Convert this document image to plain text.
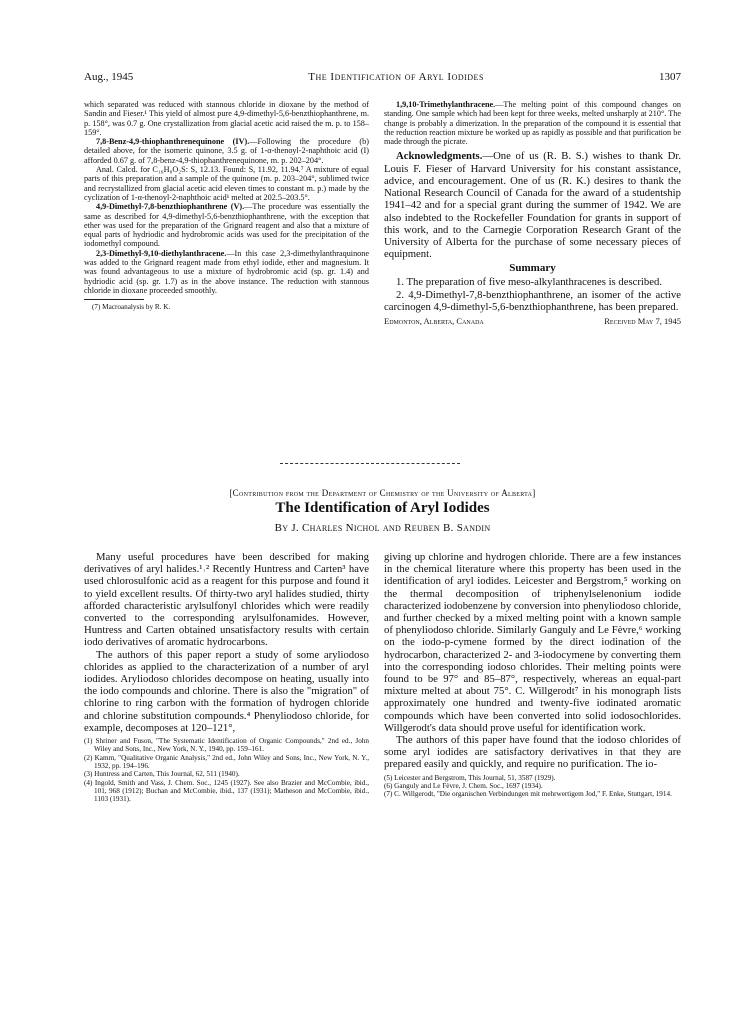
Aug., 1945	The Identification of Aryl Iodides	1307

which separated was reduced with stannous chloride in dioxane by the method of Sandin and Fieser.¹ This yield of almost pure 4,9-dimethyl-5,6-benzthiophanthrene, m. p. 158°, was 0.7 g. One crystallization from glacial acetic acid raised the m. p. to 158–159°.

7,8-Benz-4,9-thiophanthrenequinone (IV).—Following the procedure (b) detailed above, for the isomeric quinone, 3.5 g. of 1-α-thenoyl-2-naphthoic acid (I) afforded 0.67 g. of 7,8-benz-4,9-thiophanthrenequinone, m. p. 202–204°.

Anal. Calcd. for C₁₆H₈O₂S: S, 12.13. Found: S, 11.92, 11.94.⁷ A mixture of equal parts of this preparation and a sample of the quinone (m. p. 203–204°, sublimed twice and recrystallized from glacial acetic acid eleven times to constant m. p.) made by the cyclization of 1-α-thenoyl-2-naphthoic acid¹ melted at 202.5–203.5°.

4,9-Dimethyl-7,8-benzthiophanthrene (V).—The procedure was essentially the same as described for 4,9-dimethyl-5,6-benzthiophanthrene, with the exception that ether was used for the preparation of the Grignard reagent and also that a mixture of equal parts of hydriodic and hydrobromic acids was used for the precipitation of the iodomethyl compound.

2,3-Dimethyl-9,10-diethylanthracene.—In this case 2,3-dimethylanthraquinone was added to the Grignard reagent made from ethyl iodide, ether and magnesium. It was found advantageous to use a mixture of hydrobromic acid (sp. gr. 1.4) and hydriodic acid (sp. gr. 1.7) as in the above instance. The reduction with stannous chloride in dioxane proceeded smoothly.

(7) Macroanalysis by R. K.

1,9,10-Trimethylanthracene.—The melting point of this compound changes on standing. One sample which had been kept for three weeks, melted unsharply at 210°. The change is probably a dimerization. In the preparation of the compound it is essential that the reduction reaction mixture be worked up as rapidly as possible and that purification be made through the picrate.

Acknowledgments.—One of us (R. B. S.) wishes to thank Dr. Louis F. Fieser of Harvard University for his constant assistance, advice, and encouragement. One of us (R. K.) desires to thank the National Research Council of Canada for the award of a studentship 1941–42 and for a special grant during the summer of 1942. We are also indebted to the Rockefeller Foundation for grants in support of this work, and to the Carnegie Corporation Research Grant of the University of Alberta for the purchase of some necessary pieces of equipment.

Summary

1. The preparation of five meso-alkylanthracenes is described.

2. 4,9-Dimethyl-7,8-benzthiophanthrene, an isomer of the active carcinogen 4,9-dimethyl-5,6-benzthiophanthrene, has been prepared.

Edmonton, Alberta, Canada	Received May 7, 1945
[Contribution from the Department of Chemistry of the University of Alberta]
The Identification of Aryl Iodides
By J. Charles Nichol and Reuben B. Sandin

Many useful procedures have been described for making derivatives of aryl halides.¹˒² Recently Huntress and Carten³ have used chlorosulfonic acid as a reagent for this purpose and found it to yield excellent results. Of thirty-two aryl halides studied, thirty afforded characteristic arylsulfonyl chlorides which were readily converted to the corresponding arylsulfonamides. However, Huntress and Carten obtained unsatisfactory results with certain iodo derivatives of aromatic hydrocarbons.

The authors of this paper report a study of some aryliodoso chlorides as applied to the characterization of a number of aryl iodides. Aryliodoso chlorides decompose on heating, usually into the iodo compounds and chlorine. There is also the "migration" of chlorine to ring carbon with the formation of hydrogen chloride and chlorine substitution compounds.⁴ Phenyliodoso chloride, for example, decomposes at 120–121°,

(1) Shriner and Fuson, "The Systematic Identification of Organic Compounds," 2nd ed., John Wiley and Sons, Inc., New York, N. Y., 1940, pp. 159–161.

(2) Kamm, "Qualitative Organic Analysis," 2nd ed., John Wiley and Sons, Inc., New York, N. Y., 1932, pp. 194–196.

(3) Huntress and Carten, This Journal, 62, 511 (1940).

(4) Ingold, Smith and Vass, J. Chem. Soc., 1245 (1927). See also Brazier and McCombie, ibid., 101, 968 (1912); Buchan and McCombie, ibid., 137 (1931); Matheson and McCombie, ibid., 1103 (1931).

giving up chlorine and hydrogen chloride. There are a few instances in the chemical literature where this property has been used in the identification of aryl iodides. Leicester and Bergstrom,⁵ working on the thermal decomposition of triphenylselenonium iodide characterized iodobenzene by conversion into phenyliodoso chloride, and further checked by a mixed melting point with a known sample of phenyliodoso chloride. Similarly Ganguly and Le Fèvre,⁶ working on the iodo-p-cymene formed by the direct iodination of the hydrocarbon, characterized 2- and 3-iodocymene by converting them into the corresponding iodoso chlorides. Their melting points were found to be 97° and 85–87°, respectively, whereas an equal-part mixture melted at about 75°. C. Willgerodt⁷ in his monograph lists approximately one hundred and twenty-five iodinated aromatic compounds which have been converted into solid iodosochlorides. Willgerodt's data should prove useful for identification work.

The authors of this paper have found that the iodoso chlorides of some aryl iodides are satisfactory derivatives in that they are prepared easily and quickly, and require no purification. The io-

(5) Leicester and Bergstrom, This Journal, 51, 3587 (1929).

(6) Ganguly and Le Fèvre, J. Chem. Soc., 1697 (1934).

(7) C. Willgerodt, "Die organischen Verbindungen mit mehrwertigem Jod," F. Enke, Stuttgart, 1914.
